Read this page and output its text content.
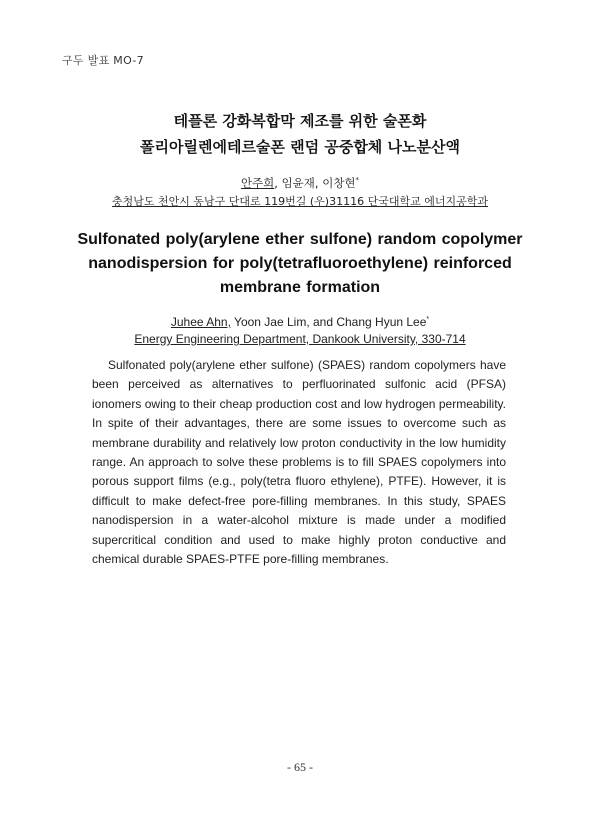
구두 발표 MO-7
테플론 강화복합막 제조를 위한 술폰화
폴리아릴렌에테르술폰 랜덤 공중합체 나노분산액
안주희, 임윤재, 이창현*
충청남도 천안시 동남구 단대로 119번길 (우)31116 단국대학교 에너지공학과
Sulfonated poly(arylene ether sulfone) random copolymer
nanodispersion for poly(tetrafluoroethylene) reinforced
membrane formation
Juhee Ahn, Yoon Jae Lim, and Chang Hyun Lee*
Energy Engineering Department, Dankook University, 330-714

Sulfonated poly(arylene ether sulfone) (SPAES) random copolymers have been perceived as alternatives to perfluorinated sulfonic acid (PFSA) ionomers owing to their cheap production cost and low hydrogen permeability. In spite of their advantages, there are some issues to overcome such as membrane durability and relatively low proton conductivity in the low humidity range. An approach to solve these problems is to fill SPAES copolymers into porous support films (e.g., poly(tetra fluoro ethylene), PTFE). However, it is difficult to make defect-free pore-filling membranes. In this study, SPAES nanodispersion in a water-alcohol mixture is made under a modified supercritical condition and used to make highly proton conductive and chemical durable SPAES-PTFE pore-filling membranes.

- 65 -
